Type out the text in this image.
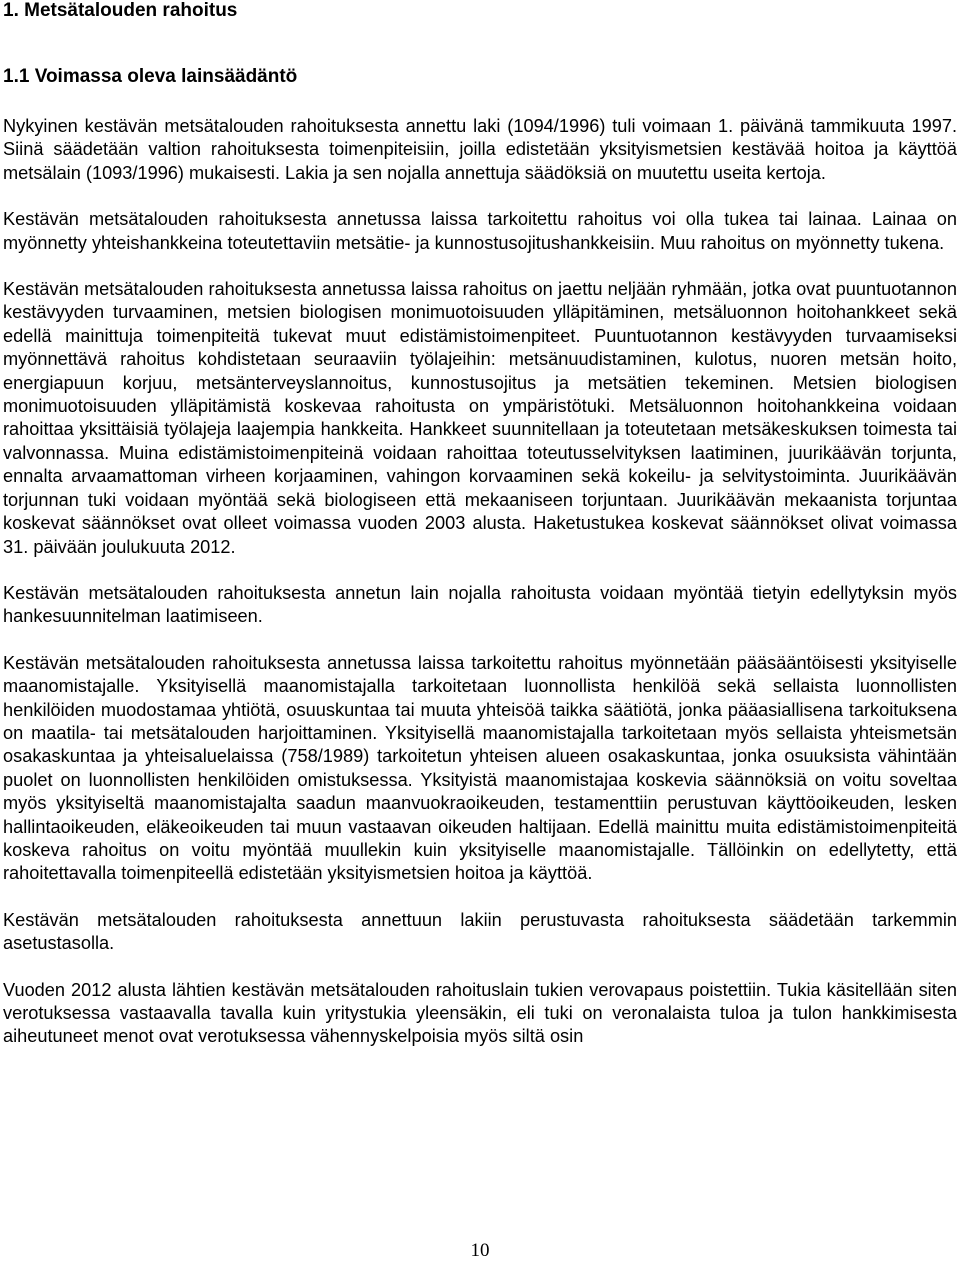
1. Metsätalouden rahoitus
1.1 Voimassa oleva lainsäädäntö

Nykyinen kestävän metsätalouden rahoituksesta annettu laki (1094/1996) tuli voimaan 1. päivänä tammikuuta 1997. Siinä säädetään valtion rahoituksesta toimenpiteisiin, joilla edistetään yksityismetsien kestävää hoitoa ja käyttöä metsälain (1093/1996) mukaisesti. Lakia ja sen nojalla annettuja säädöksiä on muutettu useita kertoja.

Kestävän metsätalouden rahoituksesta annetussa laissa tarkoitettu rahoitus voi olla tukea tai lainaa. Lainaa on myönnetty yhteishankkeina toteutettaviin metsätie- ja kunnostusojitushankkeisiin. Muu rahoitus on myönnetty tukena.

Kestävän metsätalouden rahoituksesta annetussa laissa rahoitus on jaettu neljään ryhmään, jotka ovat puuntuotannon kestävyyden turvaaminen, metsien biologisen monimuotoisuuden ylläpitäminen, metsäluonnon hoitohankkeet sekä edellä mainittuja toimenpiteitä tukevat muut edistämistoimenpiteet. Puuntuotannon kestävyyden turvaamiseksi myönnettävä rahoitus kohdistetaan seuraaviin työlajeihin: metsänuudistaminen, kulotus, nuoren metsän hoito, energiapuun korjuu, metsänterveyslannoitus, kunnostusojitus ja metsätien tekeminen. Metsien biologisen monimuotoisuuden ylläpitämistä koskevaa rahoitusta on ympäristötuki. Metsäluonnon hoitohankkeina voidaan rahoittaa yksittäisiä työlajeja laajempia hankkeita. Hankkeet suunnitellaan ja toteutetaan metsäkeskuksen toimesta tai valvonnassa. Muina edistämistoimenpiteinä voidaan rahoittaa toteutusselvityksen laatiminen, juurikäävän torjunta, ennalta arvaamattoman virheen korjaaminen, vahingon korvaaminen sekä kokeilu- ja selvitystoiminta. Juurikäävän torjunnan tuki voidaan myöntää sekä biologiseen että mekaaniseen torjuntaan. Juurikäävän mekaanista torjuntaa koskevat säännökset ovat olleet voimassa vuoden 2003 alusta. Haketustukea koskevat säännökset olivat voimassa 31. päivään joulukuuta 2012.

Kestävän metsätalouden rahoituksesta annetun lain nojalla rahoitusta voidaan myöntää tietyin edellytyksin myös hankesuunnitelman laatimiseen.

Kestävän metsätalouden rahoituksesta annetussa laissa tarkoitettu rahoitus myönnetään pääsääntöisesti yksityiselle maanomistajalle. Yksityisellä maanomistajalla tarkoitetaan luonnollista henkilöä sekä sellaista luonnollisten henkilöiden muodostamaa yhtiötä, osuuskuntaa tai muuta yhteisöä taikka säätiötä, jonka pääasiallisena tarkoituksena on maatila- tai metsätalouden harjoittaminen. Yksityisellä maanomistajalla tarkoitetaan myös sellaista yhteismetsän osakaskuntaa ja yhteisaluelaissa (758/1989) tarkoitetun yhteisen alueen osakaskuntaa, jonka osuuksista vähintään puolet on luonnollisten henkilöiden omistuksessa. Yksityistä maanomistajaa koskevia säännöksiä on voitu soveltaa myös yksityiseltä maanomistajalta saadun maanvuokraoikeuden, testamenttiin perustuvan käyttöoikeuden, lesken hallintaoikeuden, eläkeoikeuden tai muun vastaavan oikeuden haltijaan. Edellä mainittu muita edistämistoimenpiteitä koskeva rahoitus on voitu myöntää muullekin kuin yksityiselle maanomistajalle. Tällöinkin on edellytetty, että rahoitettavalla toimenpiteellä edistetään yksityismetsien hoitoa ja käyttöä.

Kestävän metsätalouden rahoituksesta annettuun lakiin perustuvasta rahoituksesta säädetään tarkemmin asetustasolla.

Vuoden 2012 alusta lähtien kestävän metsätalouden rahoituslain tukien verovapaus poistettiin. Tukia käsitellään siten verotuksessa vastaavalla tavalla kuin yritystukia yleensäkin, eli tuki on veronalaista tuloa ja tulon hankkimisesta aiheutuneet menot ovat verotuksessa vähennyskelpoisia myös siltä osin

10
